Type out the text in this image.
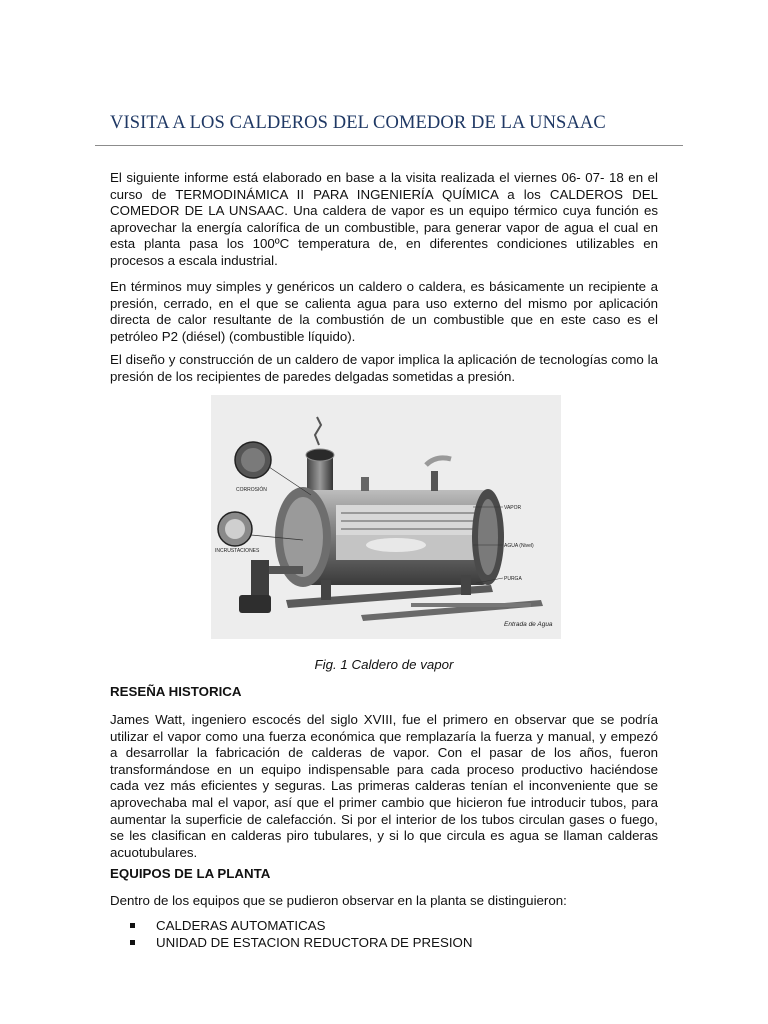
VISITA A LOS CALDEROS DEL COMEDOR DE LA UNSAAC

El siguiente informe está elaborado en base a la visita realizada el viernes 06- 07- 18 en el curso de TERMODINÁMICA II PARA INGENIERÍA QUÍMICA a los CALDEROS DEL COMEDOR DE LA UNSAAC. Una caldera de vapor es un equipo térmico cuya función es aprovechar la energía calorífica de un combustible, para generar vapor de agua el cual en esta planta pasa los 100ºC temperatura de, en diferentes condiciones utilizables en procesos a escala industrial.

En términos muy simples y genéricos un caldero o caldera, es básicamente un recipiente a presión, cerrado, en el que se calienta agua para uso externo del mismo por aplicación directa de calor resultante de la combustión de un combustible que en este caso es el petróleo P2 (diésel) (combustible líquido).

El diseño y construcción de un caldero de vapor implica la aplicación de tecnologías como la presión de los recipientes de paredes delgadas sometidas a presión.

CORROSIÓN
INCRUSTACIONES
VAPOR
AGUA (Nivel)
PURGA
Entrada de Agua

Fig. 1 Caldero de vapor

RESEÑA HISTORICA

James Watt, ingeniero escocés del siglo XVIII, fue el primero en observar que se podría utilizar el vapor como una fuerza económica que remplazaría la fuerza y manual, y empezó a desarrollar la fabricación de calderas de vapor. Con el pasar de los años, fueron transformándose en un equipo indispensable para cada proceso productivo haciéndose cada vez más eficientes y seguras. Las primeras calderas tenían el inconveniente que se aprovechaba mal el vapor, así que el primer cambio que hicieron fue introducir tubos, para aumentar la superficie de calefacción. Si por el interior de los tubos circulan gases o fuego, se les clasifican en calderas piro tubulares, y si lo que circula es agua se llaman calderas acuotubulares.

EQUIPOS DE LA PLANTA

Dentro de los equipos que se pudieron observar en la planta se distinguieron:

CALDERAS AUTOMATICAS
UNIDAD DE ESTACION REDUCTORA DE PRESION
